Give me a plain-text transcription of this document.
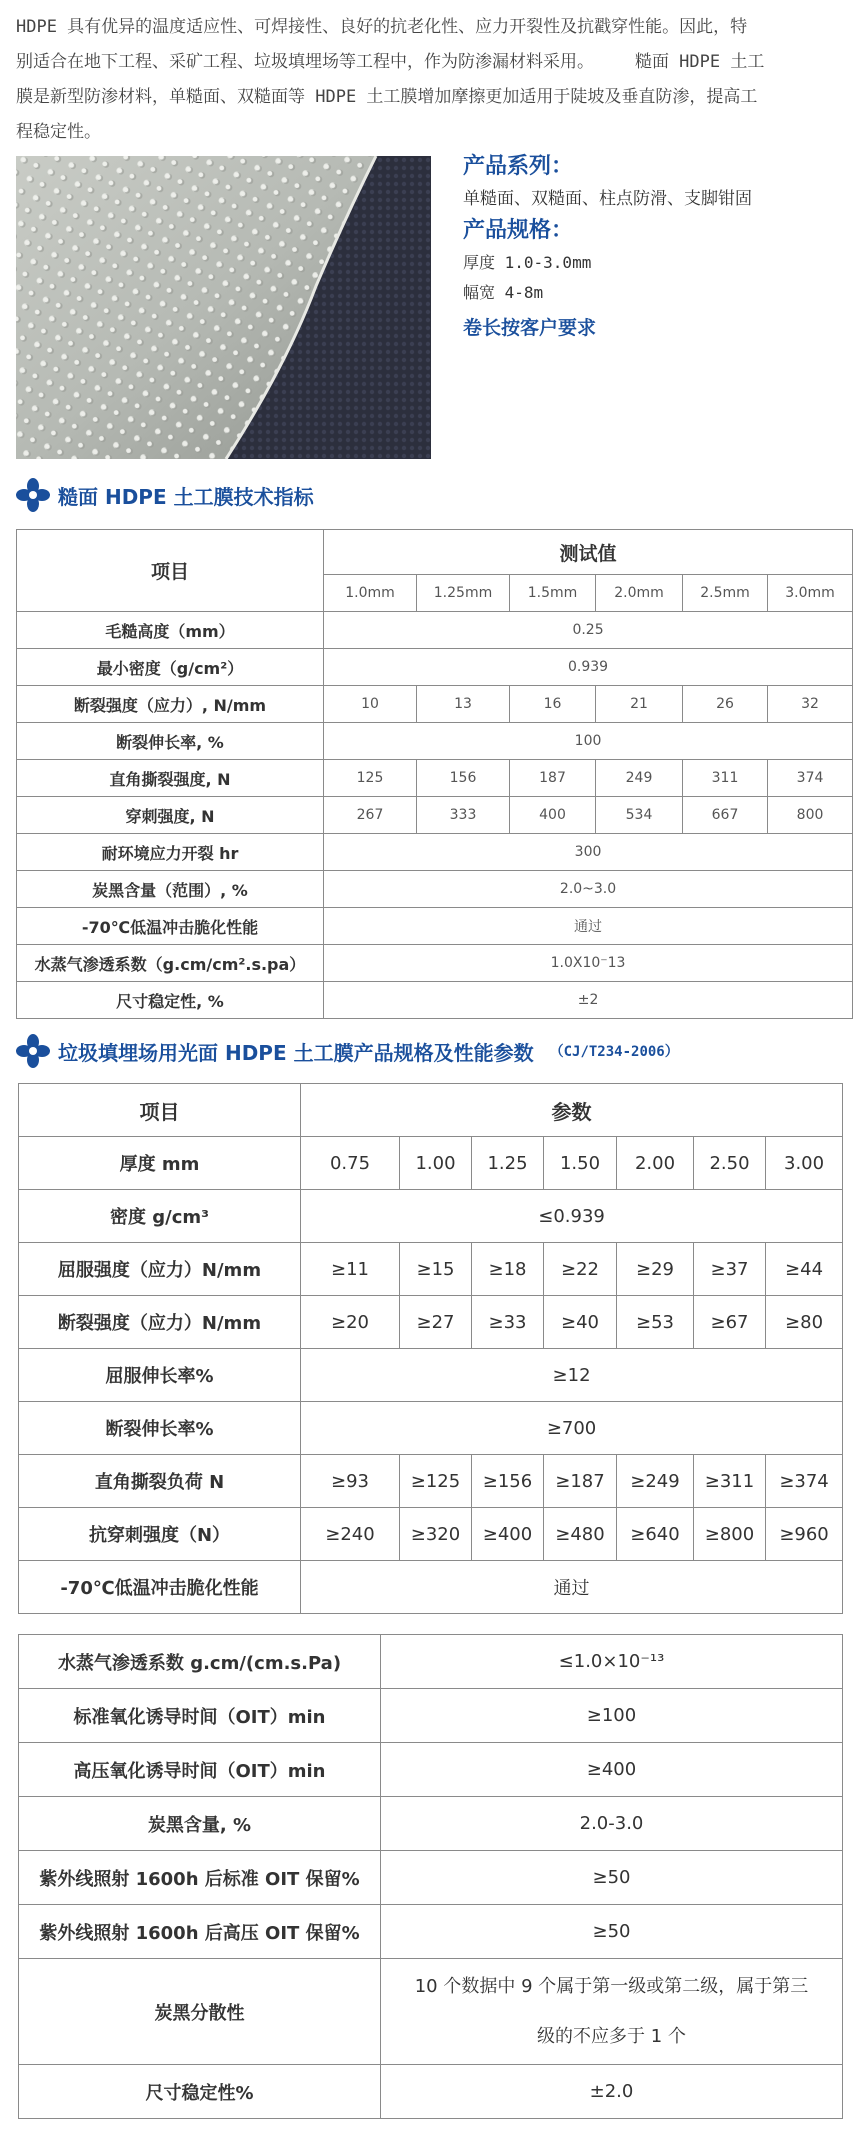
HDPE 具有优异的温度适应性、可焊接性、良好的抗老化性、应力开裂性及抗戳穿性能。因此，特
别适合在地下工程、采矿工程、垃圾填埋场等工程中，作为防渗漏材料采用。    糙面 HDPE 土工
膜是新型防渗材料，单糙面、双糙面等 HDPE 土工膜增加摩擦更加适用于陡坡及垂直防渗，提高工
程稳定性。
产品系列：
单糙面、双糙面、柱点防滑、支脚钳固
产品规格：
厚度 1.0-3.0mm
幅宽 4-8m
卷长按客户要求
糙面 HDPE 土工膜技术指标
项目	测试值					
	1.0mm	1.25mm	1.5mm	2.0mm	2.5mm	3.0mm
毛糙高度（mm）	0.25					
最小密度（g/cm²）	0.939					
断裂强度（应力）, N/mm	10	13	16	21	26	32
断裂伸长率, %	100					
直角撕裂强度, N	125	156	187	249	311	374
穿刺强度, N	267	333	400	534	667	800
耐环境应力开裂 hr	300					
炭黑含量（范围）, %	2.0~3.0					
-70℃低温冲击脆化性能	通过					
水蒸气渗透系数（g.cm/cm².s.pa）	1.0X10⁻13					
尺寸稳定性, %	±2					
垃圾填埋场用光面 HDPE 土工膜产品规格及性能参数 （CJ/T234-2006）
项目	参数						
厚度 mm	0.75	1.00	1.25	1.50	2.00	2.50	3.00
密度 g/cm³	≤0.939						
屈服强度（应力）N/mm	≥11	≥15	≥18	≥22	≥29	≥37	≥44
断裂强度（应力）N/mm	≥20	≥27	≥33	≥40	≥53	≥67	≥80
屈服伸长率%	≥12						
断裂伸长率%	≥700						
直角撕裂负荷 N	≥93	≥125	≥156	≥187	≥249	≥311	≥374
抗穿刺强度（N）	≥240	≥320	≥400	≥480	≥640	≥800	≥960
-70℃低温冲击脆化性能	通过						
水蒸气渗透系数 g.cm/(cm.s.Pa)	≤1.0×10⁻¹³
标准氧化诱导时间（OIT）min	≥100
高压氧化诱导时间（OIT）min	≥400
炭黑含量, %	2.0-3.0
紫外线照射 1600h 后标准 OIT 保留%	≥50
紫外线照射 1600h 后高压 OIT 保留%	≥50
炭黑分散性	10 个数据中 9 个属于第一级或第二级，属于第三
级的不应多于 1 个

尺寸稳定性%	±2.0
